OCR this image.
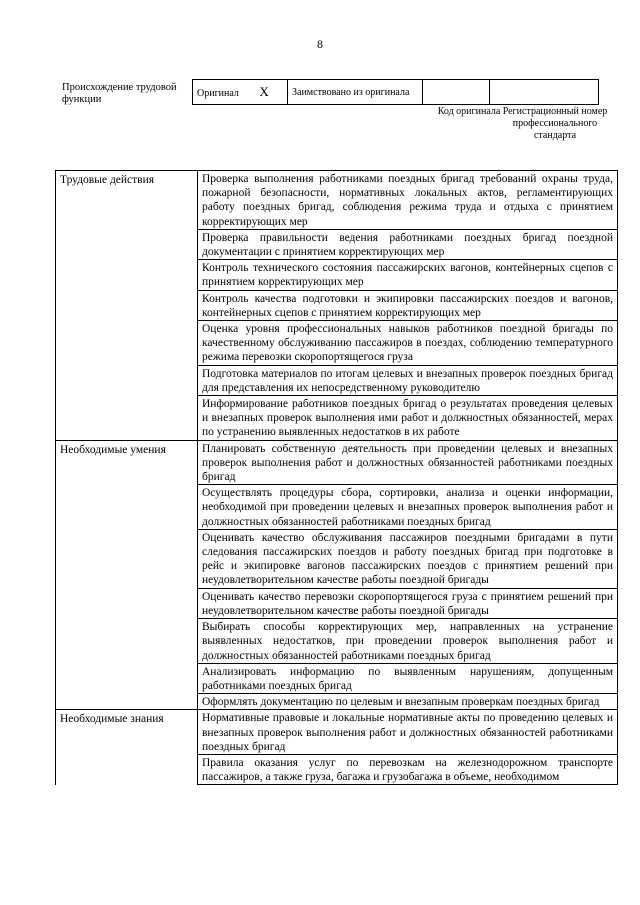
8
Происхождение трудовой функции
Оригинал X	Заимствовано из оригинала		
Код оригинала Регистрационный номер профессионального стандарта
Трудовые действия	Проверка выполнения работниками поездных бригад требований охраны труда, пожарной безопасности, нормативных локальных актов, регламентирующих работу поездных бригад, соблюдения режима труда и отдыха с принятием корректирующих мер
	Проверка правильности ведения работниками поездных бригад поездной документации с принятием корректирующих мер
	Контроль технического состояния пассажирских вагонов, контейнерных сцепов с принятием корректирующих мер
	Контроль качества подготовки и экипировки пассажирских поездов и вагонов, контейнерных сцепов с принятием корректирующих мер
	Оценка уровня профессиональных навыков работников поездной бригады по качественному обслуживанию пассажиров в поездах, соблюдению температурного режима перевозки скоропортящегося груза
	Подготовка материалов по итогам целевых и внезапных проверок поездных бригад для представления их непосредственному руководителю
	Информирование работников поездных бригад о результатах проведения целевых и внезапных проверок выполнения ими работ и должностных обязанностей, мерах по устранению выявленных недостатков в их работе
Необходимые умения	Планировать собственную деятельность при проведении целевых и внезапных проверок выполнения работ и должностных обязанностей работниками поездных бригад
	Осуществлять процедуры сбора, сортировки, анализа и оценки информации, необходимой при проведении целевых и внезапных проверок выполнения работ и должностных обязанностей работниками поездных бригад
	Оценивать качество обслуживания пассажиров поездными бригадами в пути следования пассажирских поездов и работу поездных бригад при подготовке в рейс и экипировке вагонов пассажирских поездов с принятием решений при неудовлетворительном качестве работы поездной бригады
	Оценивать качество перевозки скоропортящегося груза с принятием решений при неудовлетворительном качестве работы поездной бригады
	Выбирать способы корректирующих мер, направленных на устранение выявленных недостатков, при проведении проверок выполнения работ и должностных обязанностей работниками поездных бригад
	Анализировать информацию по выявленным нарушениям, допущенным работниками поездных бригад
	Оформлять документацию по целевым и внезапным проверкам поездных бригад
Необходимые знания	Нормативные правовые и локальные нормативные акты по проведению целевых и внезапных проверок выполнения работ и должностных обязанностей работниками поездных бригад
	Правила оказания услуг по перевозкам на железнодорожном транспорте пассажиров, а также груза, багажа и грузобагажа в объеме, необходимом
